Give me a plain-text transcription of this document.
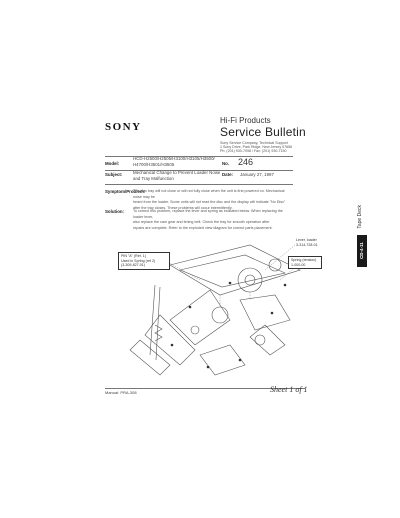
SONY
Hi-Fi Products
Service Bulletin
Sony Service Company, Technical Support
1 Sony Drive, Park Ridge, New Jersey 07656
Ph: (201) 930-7098 / Fax: (201) 930-7150
Model:
HCD-H2500/H2505/H3100/H3105/H3500/
H4700/H3501/H3505	No. 246
Subject: Mechanical Change to Prevent Loader Noise
and Tray Malfunction
Date: January 27, 1997
Symptom/Problem:
The disc tray will not close or will not fully close when the unit is first powered on. Mechanical noise may be
heard from the loader. Some units will not read the disc and the display will indicate "No Disc"
after the tray closes. These problems will occur intermittently.
Solution: To correct this problem, replace the lever and spring as indicated below. When replacing the loader lever,
also replace the cam gear and timing belt. Check the tray for smooth operation after
repairs are complete. Refer to the exploded view diagram for correct parts placement.	Tape Deck
CD-4-11
PIN "A" (Ref. 1)
Used in Spring (ref 2)
(3-309-827-01)
Lever, loader
3-314-728-01
Spring (tension)
1-000-00
Manual: PRA-308	Sheet 1 of 1
